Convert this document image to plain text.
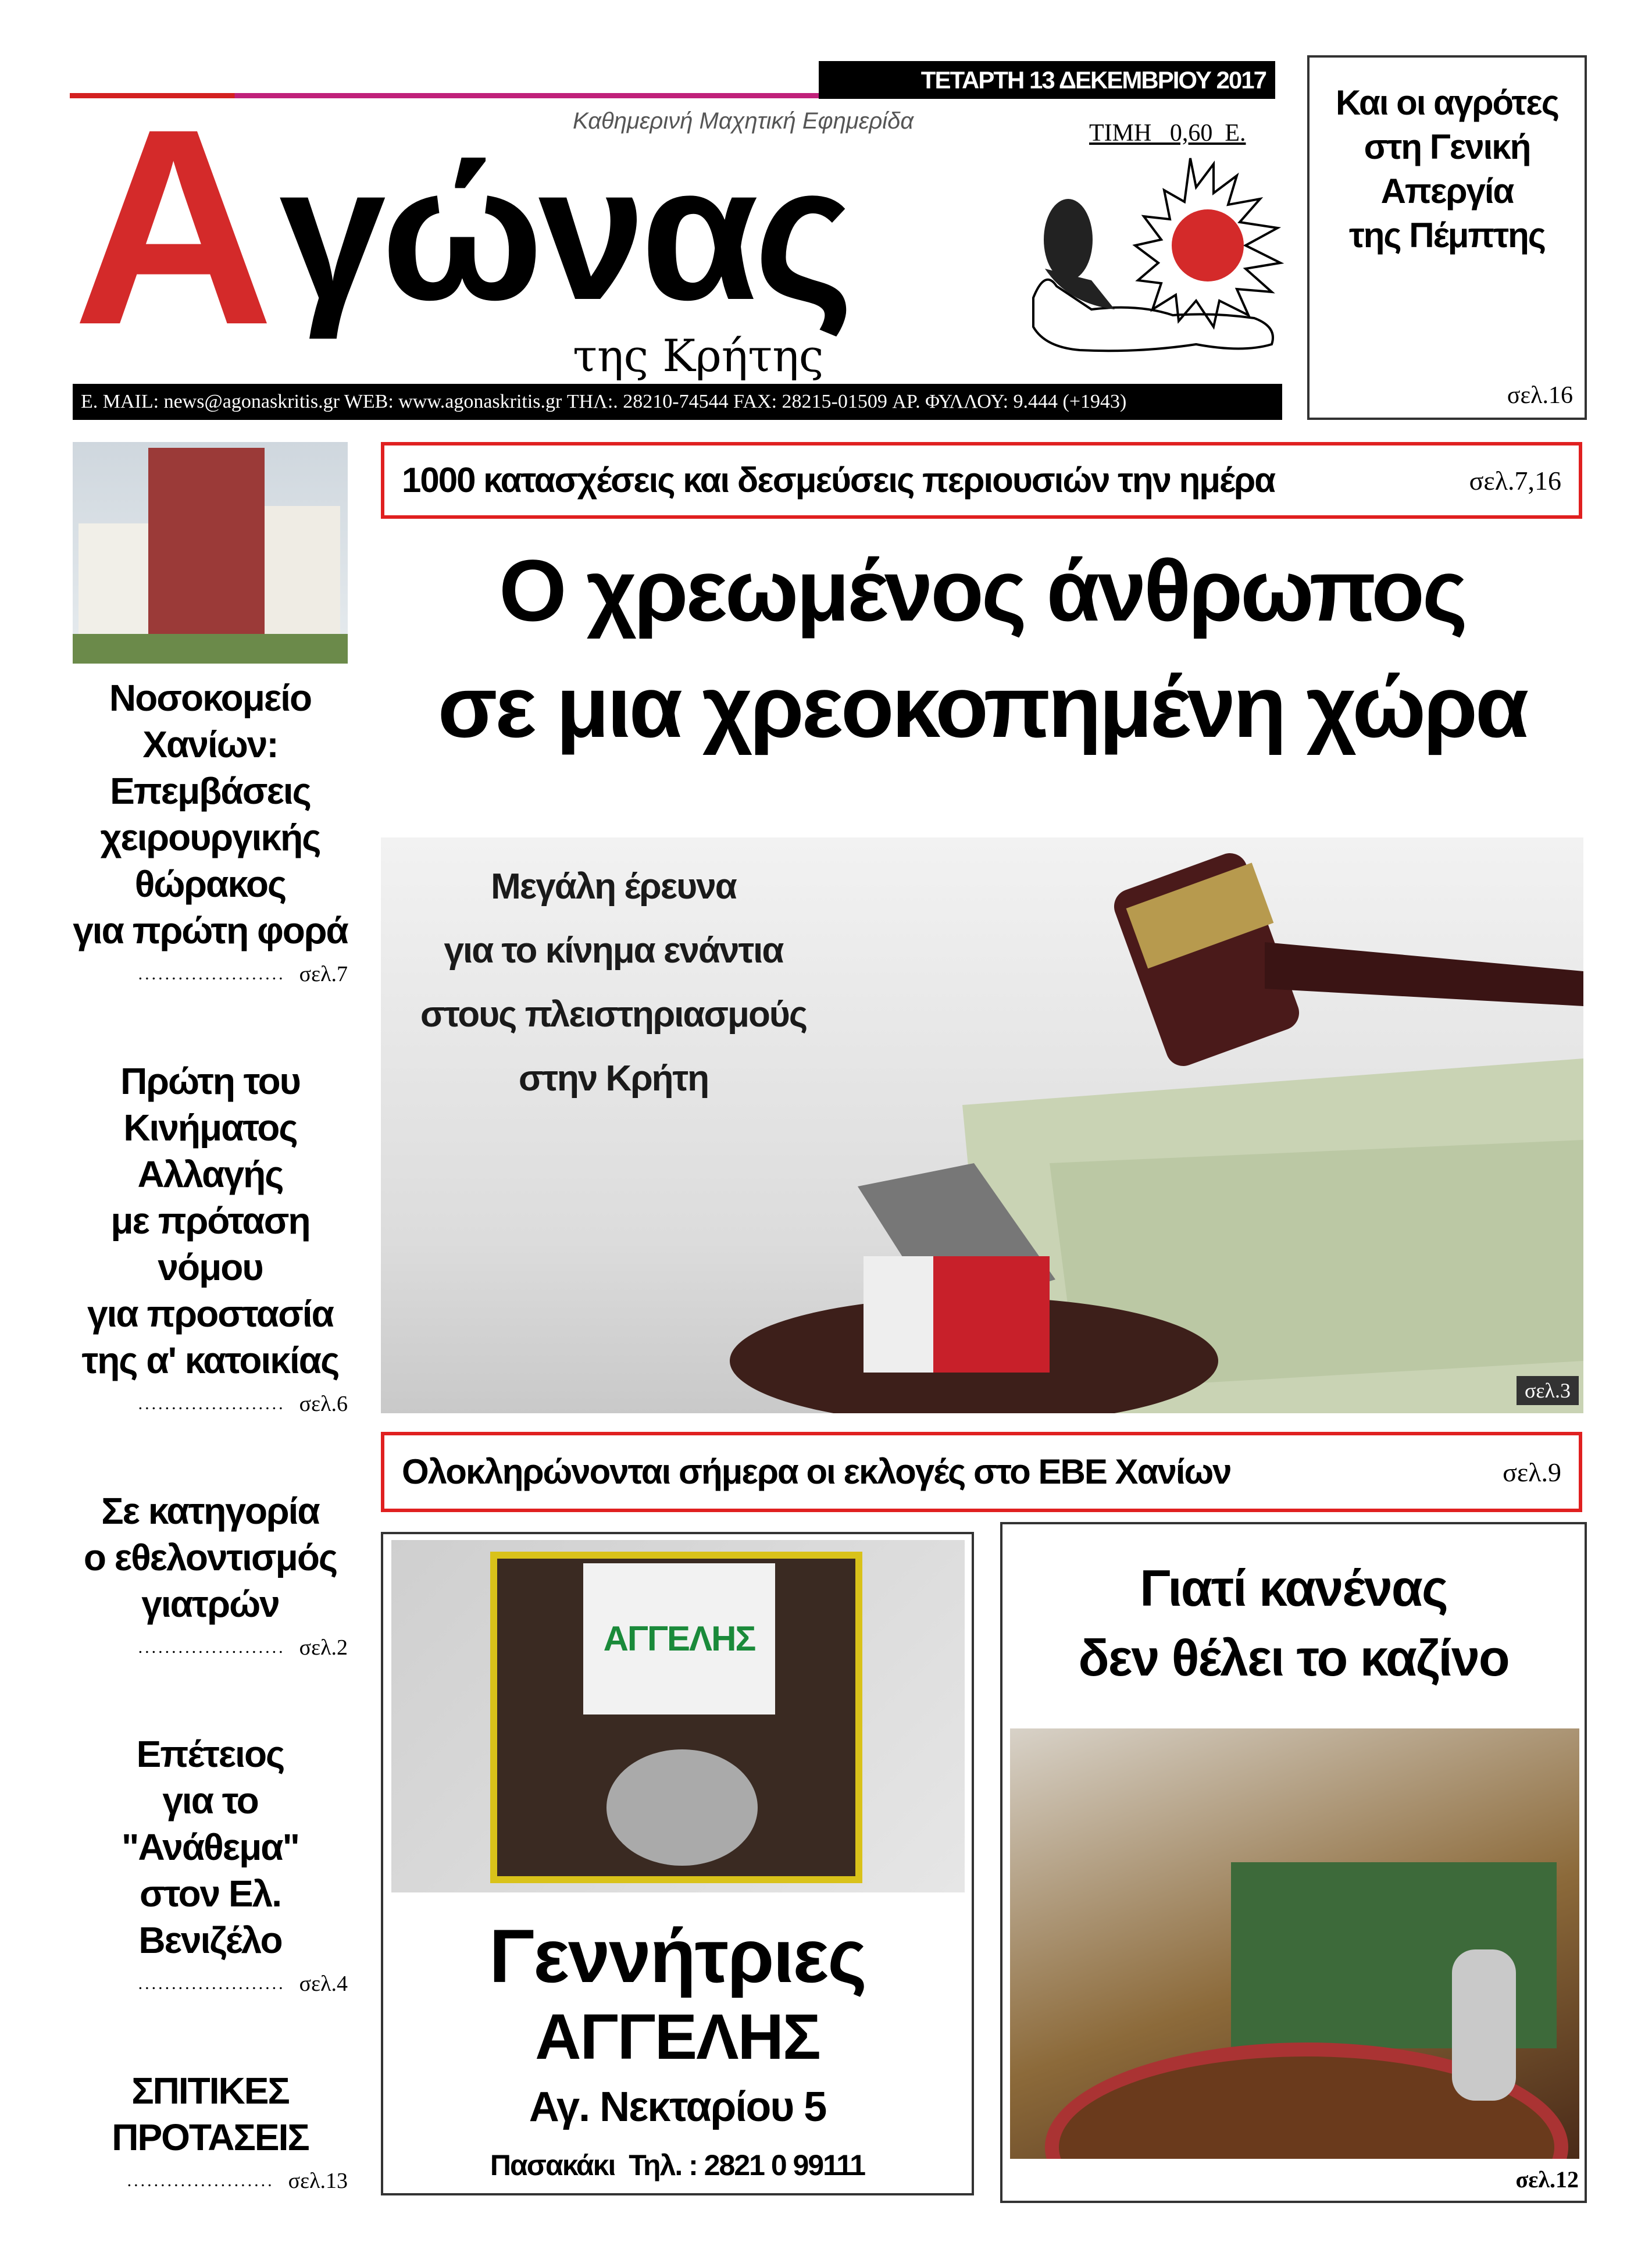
ΤΕΤΑΡΤΗ 13 ΔΕΚΕΜΒΡΙΟΥ 2017
Α γώνας
Καθημερινή Μαχητική Εφημερίδα
της Κρήτης
ΤΙΜΗ   0,60  Ε.
Ε. MAIL: news@agonaskritis.gr WEB: www.agonaskritis.gr ΤΗΛ:. 28210-74544 FAX: 28215-01509 ΑΡ. ΦΥΛΛΟΥ: 9.444 (+1943)
Και οι αγρότες
στη Γενική
Απεργία
της Πέμπτης
σελ.16
Νοσοκομείο Χανίων:
Επεμβάσεις
χειρουργικής
θώρακος
για πρώτη φορά
...................... σελ.7
Πρώτη του Κινήματος
Αλλαγής
με πρόταση νόμου
για προστασία
της α' κατοικίας
...................... σελ.6
Σε κατηγορία
ο εθελοντισμός
γιατρών
...................... σελ.2
Επέτειος
για το "Ανάθεμα"
στον Ελ. Βενιζέλο
...................... σελ.4
ΣΠΙΤΙΚΕΣ
ΠΡΟΤΑΣΕΙΣ
...................... σελ.13
1000 κατασχέσεις και δεσμεύσεις περιουσιών την ημέρα	σελ.7,16
Ο χρεωμένος άνθρωπος
σε μια χρεοκοπημένη χώρα
Μεγάλη έρευνα
για το κίνημα ενάντια
στους πλειστηριασμούς
στην Κρήτη
σελ.3
Ολοκληρώνονται σήμερα οι εκλογές στο ΕΒΕ Χανίων	σελ.9
ΑΓΓΕΛΗΣ
Γεννήτριες
ΑΓΓΕΛΗΣ
Αγ. Νεκταρίου 5
Πασακάκι  Τηλ. : 2821 0 99111
Γιατί κανένας
δεν θέλει το καζίνο
σελ.12
